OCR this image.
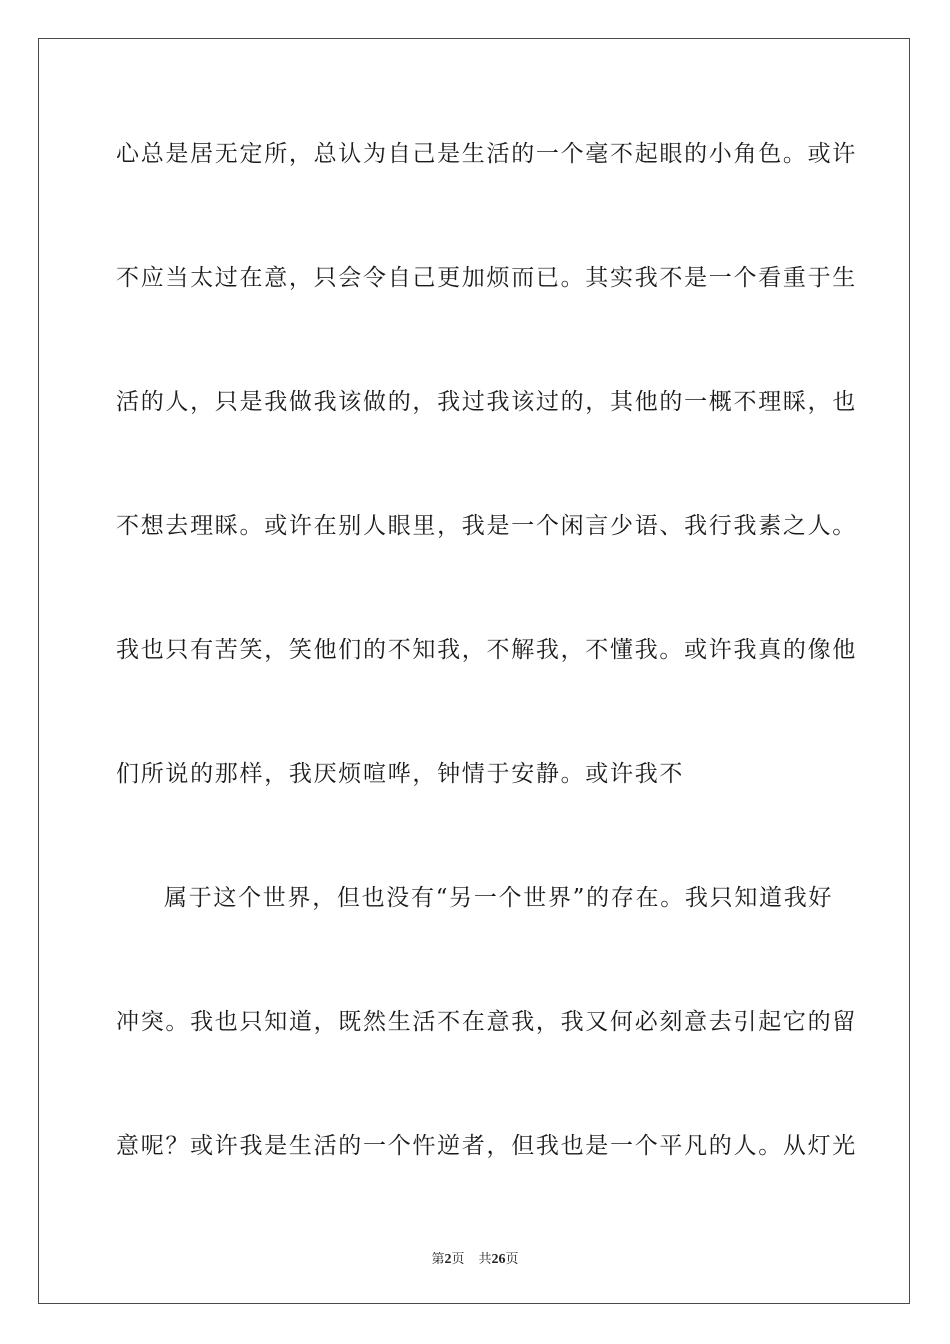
心总是居无定所，总认为自己是生活的一个毫不起眼的小角色。或许

不应当太过在意，只会令自己更加烦而已。其实我不是一个看重于生

活的人，只是我做我该做的，我过我该过的，其他的一概不理睬，也

不想去理睬。或许在别人眼里，我是一个闲言少语、我行我素之人。

我也只有苦笑，笑他们的不知我，不解我，不懂我。或许我真的像他

们所说的那样，我厌烦喧哗，钟情于安静。或许我不

属于这个世界，但也没有“另一个世界”的存在。我只知道我好

冲突。我也只知道，既然生活不在意我，我又何必刻意去引起它的留

意呢？或许我是生活的一个忤逆者，但我也是一个平凡的人。从灯光

第2页 共26页
